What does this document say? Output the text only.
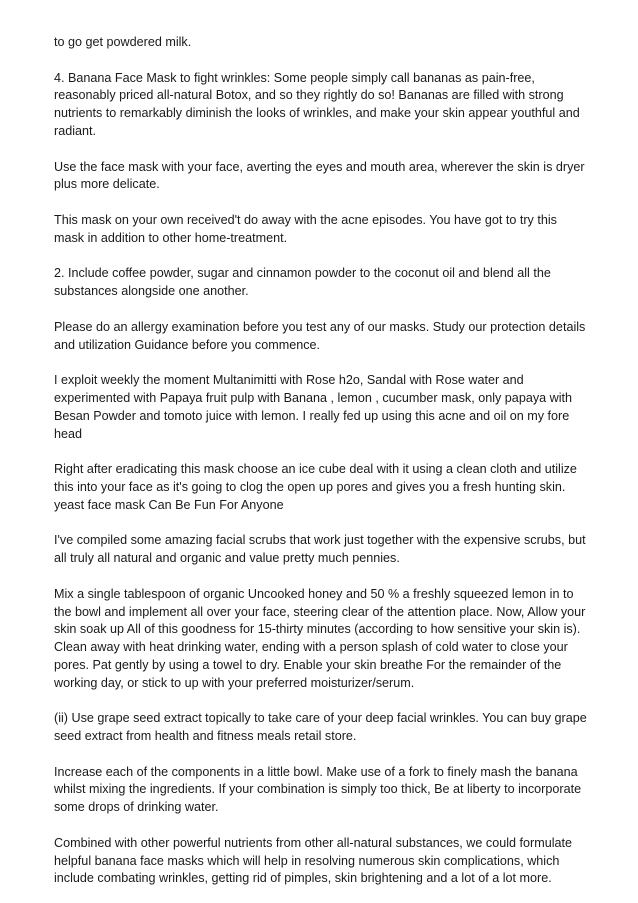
to go get powdered milk.

4. Banana Face Mask to fight wrinkles: Some people simply call bananas as pain-free, reasonably priced all-natural Botox, and so they rightly do so! Bananas are filled with strong nutrients to remarkably diminish the looks of wrinkles, and make your skin appear youthful and radiant.

Use the face mask with your face, averting the eyes and mouth area, wherever the skin is dryer plus more delicate.

This mask on your own received't do away with the acne episodes. You have got to try this mask in addition to other home-treatment.

2. Include coffee powder, sugar and cinnamon powder to the coconut oil and blend all the substances alongside one another.

Please do an allergy examination before you test any of our masks. Study our protection details and utilization Guidance before you commence.

I exploit weekly the moment Multanimitti with Rose h2o, Sandal with Rose water and experimented with Papaya fruit pulp with Banana , lemon , cucumber mask, only papaya with Besan Powder and tomoto juice with lemon. I really fed up using this acne and oil on my fore head

Right after eradicating this mask choose an ice cube deal with it using a clean cloth and utilize this into your face as it's going to clog the open up pores and gives you a fresh hunting skin.

yeast face mask Can Be Fun For Anyone

I've compiled some amazing facial scrubs that work just together with the expensive scrubs, but all truly all natural and organic and value pretty much pennies.

Mix a single tablespoon of organic Uncooked honey and 50 % a freshly squeezed lemon in to the bowl and implement all over your face, steering clear of the attention place. Now, Allow your skin soak up All of this goodness for 15-thirty minutes (according to how sensitive your skin is). Clean away with heat drinking water, ending with a person splash of cold water to close your pores. Pat gently by using a towel to dry. Enable your skin breathe For the remainder of the working day, or stick to up with your preferred moisturizer/serum.

(ii) Use grape seed extract topically to take care of your deep facial wrinkles. You can buy grape seed extract from health and fitness meals retail store.

Increase each of the components in a little bowl. Make use of a fork to finely mash the banana whilst mixing the ingredients. If your combination is simply too thick, Be at liberty to incorporate some drops of drinking water.

Combined with other powerful nutrients from other all-natural substances, we could formulate helpful banana face masks which will help in resolving numerous skin complications, which include combating wrinkles, getting rid of pimples, skin brightening and a lot of a lot more.
